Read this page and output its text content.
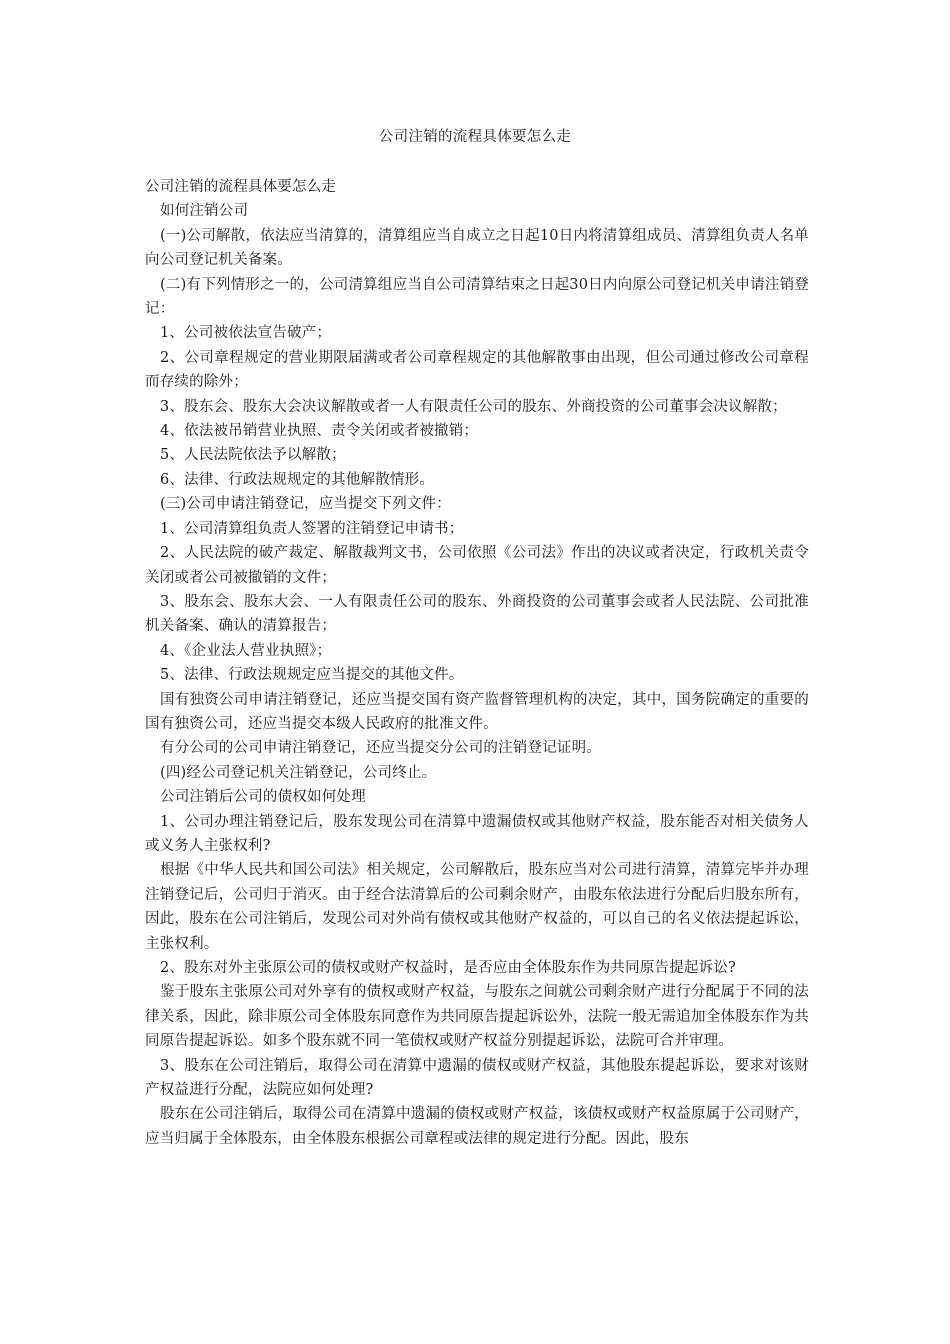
公司注销的流程具体要怎么走

公司注销的流程具体要怎么走

如何注销公司

(一)公司解散，依法应当清算的，清算组应当自成立之日起10日内将清算组成员、清算组负责人名单向公司登记机关备案。

(二)有下列情形之一的，公司清算组应当自公司清算结束之日起30日内向原公司登记机关申请注销登记：

1、公司被依法宣告破产；

2、公司章程规定的营业期限届满或者公司章程规定的其他解散事由出现，但公司通过修改公司章程而存续的除外；

3、股东会、股东大会决议解散或者一人有限责任公司的股东、外商投资的公司董事会决议解散；

4、依法被吊销营业执照、责令关闭或者被撤销；

5、人民法院依法予以解散；

6、法律、行政法规规定的其他解散情形。

(三)公司申请注销登记，应当提交下列文件：

1、公司清算组负责人签署的注销登记申请书；

2、人民法院的破产裁定、解散裁判文书，公司依照《公司法》作出的决议或者决定，行政机关责令关闭或者公司被撤销的文件；

3、股东会、股东大会、一人有限责任公司的股东、外商投资的公司董事会或者人民法院、公司批准机关备案、确认的清算报告；

4、《企业法人营业执照》；

5、法律、行政法规规定应当提交的其他文件。

国有独资公司申请注销登记，还应当提交国有资产监督管理机构的决定，其中，国务院确定的重要的国有独资公司，还应当提交本级人民政府的批准文件。

有分公司的公司申请注销登记，还应当提交分公司的注销登记证明。

(四)经公司登记机关注销登记，公司终止。

公司注销后公司的债权如何处理

1、公司办理注销登记后，股东发现公司在清算中遗漏债权或其他财产权益，股东能否对相关债务人或义务人主张权利?

根据《中华人民共和国公司法》相关规定，公司解散后，股东应当对公司进行清算，清算完毕并办理注销登记后，公司归于消灭。由于经合法清算后的公司剩余财产，由股东依法进行分配后归股东所有，因此，股东在公司注销后，发现公司对外尚有债权或其他财产权益的，可以自己的名义依法提起诉讼，主张权利。

2、股东对外主张原公司的债权或财产权益时，是否应由全体股东作为共同原告提起诉讼?

鉴于股东主张原公司对外享有的债权或财产权益，与股东之间就公司剩余财产进行分配属于不同的法律关系，因此，除非原公司全体股东同意作为共同原告提起诉讼外，法院一般无需追加全体股东作为共同原告提起诉讼。如多个股东就不同一笔债权或财产权益分别提起诉讼，法院可合并审理。

3、股东在公司注销后，取得公司在清算中遗漏的债权或财产权益，其他股东提起诉讼，要求对该财产权益进行分配，法院应如何处理?

股东在公司注销后，取得公司在清算中遗漏的债权或财产权益，该债权或财产权益原属于公司财产，应当归属于全体股东，由全体股东根据公司章程或法律的规定进行分配。因此，股东
